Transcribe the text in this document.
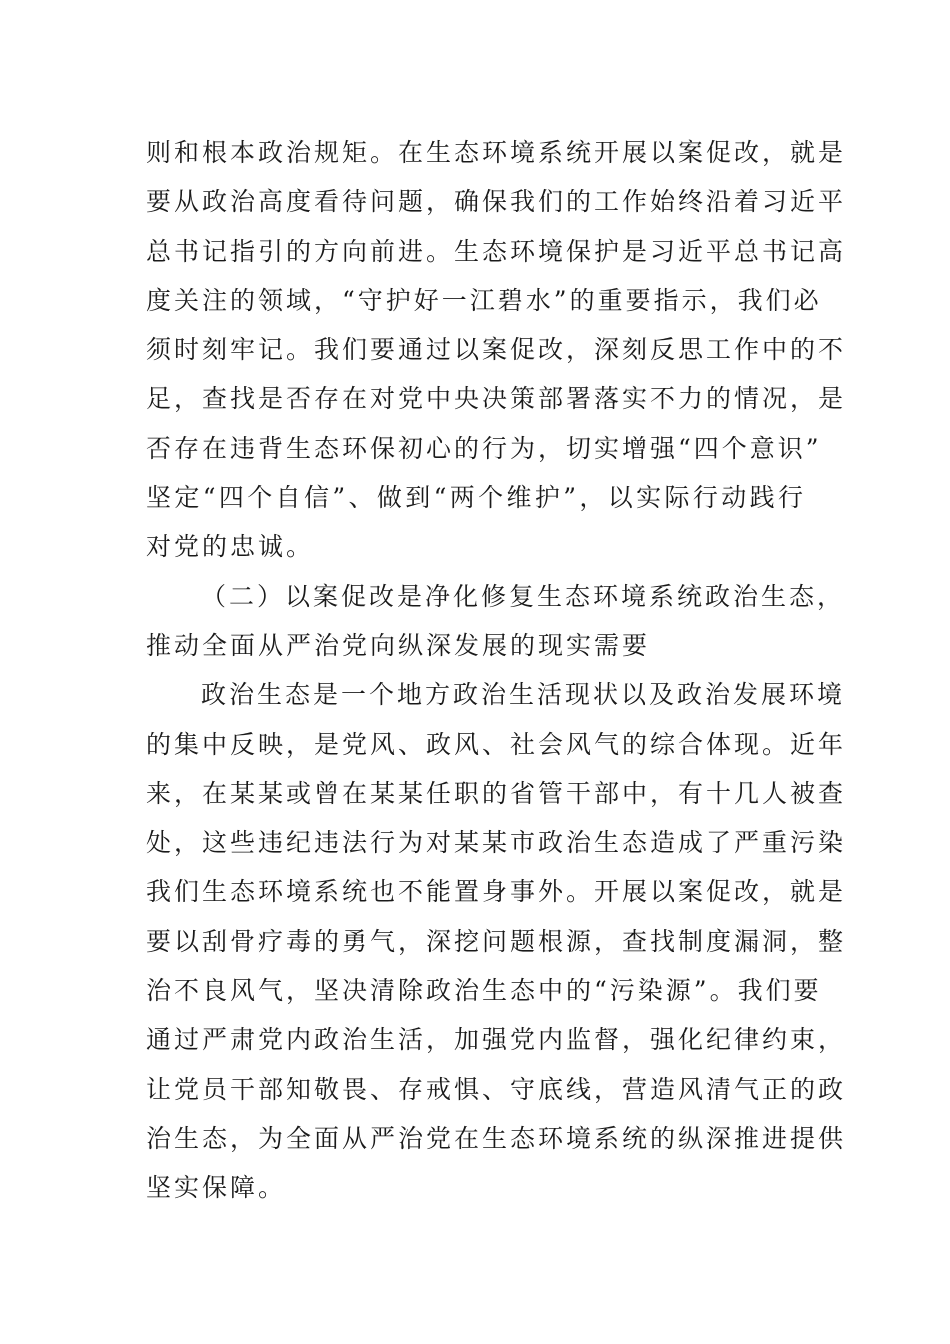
则和根本政治规矩。在生态环境系统开展以案促改，就是
要从政治高度看待问题，确保我们的工作始终沿着习近平
总书记指引的方向前进。生态环境保护是习近平总书记高
度关注的领域，“守护好一江碧水”的重要指示，我们必
须时刻牢记。我们要通过以案促改，深刻反思工作中的不
足，查找是否存在对党中央决策部署落实不力的情况，是
否存在违背生态环保初心的行为，切实增强“四个意识”
坚定“四个自信”、做到“两个维护”，以实际行动践行
对党的忠诚。
（二）以案促改是净化修复生态环境系统政治生态，
推动全面从严治党向纵深发展的现实需要
政治生态是一个地方政治生活现状以及政治发展环境
的集中反映，是党风、政风、社会风气的综合体现。近年
来，在某某或曾在某某任职的省管干部中，有十几人被查
处，这些违纪违法行为对某某市政治生态造成了严重污染
我们生态环境系统也不能置身事外。开展以案促改，就是
要以刮骨疗毒的勇气，深挖问题根源，查找制度漏洞，整
治不良风气，坚决清除政治生态中的“污染源”。我们要
通过严肃党内政治生活，加强党内监督，强化纪律约束，
让党员干部知敬畏、存戒惧、守底线，营造风清气正的政
治生态，为全面从严治党在生态环境系统的纵深推进提供
坚实保障。
